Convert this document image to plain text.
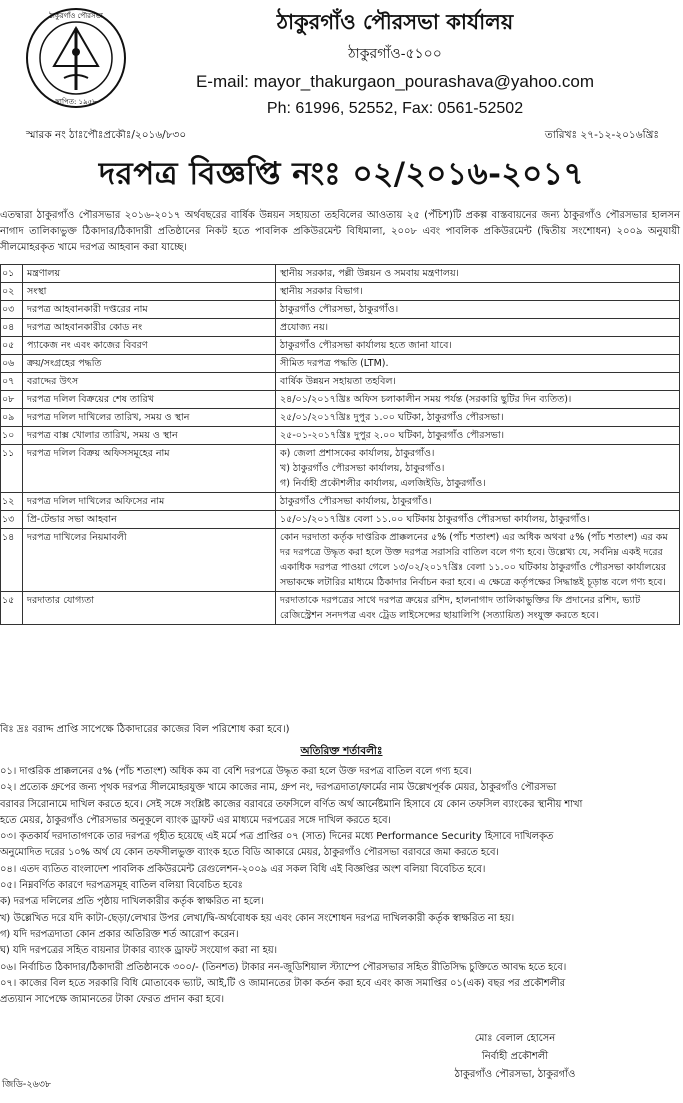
ঠাকুরগাঁও পৌরসভা
স্থাপিত: ১৯৫৮
ঠাকুরগাঁও পৌরসভা কার্যালয়
ঠাকুরগাঁও-৫১০০
E-mail: mayor_thakurgaon_pourashava@yahoo.com
Ph: 61996, 52552, Fax: 0561-52502
স্মারক নং ঠাঃপৌঃপ্রকৌঃ/২০১৬/৮৩০	তারিখঃ ২৭-১২-২০১৬খ্রিঃ
দরপত্র বিজ্ঞপ্তি নংঃ ০২/২০১৬-২০১৭
এতদ্বারা ঠাকুরগাঁও পৌরসভার ২০১৬-২০১৭ অর্থবছরের বার্ষিক উন্নয়ন সহায়তা তহবিলের আওতায় ২৫ (পঁচিশ)টি প্রকল্প বাস্তবায়নের জন্য ঠাকুরগাঁও পৌরসভার হালসন নাগাদ তালিকাভুক্ত ঠিকাদার/ঠিকাদারী প্রতিষ্ঠানের নিকট হতে পাবলিক প্রকিউরমেন্ট বিধিমালা, ২০০৮ এবং পাবলিক প্রকিউরমেন্ট (দ্বিতীয় সংশোধন) ২০০৯ অনুযায়ী সীলমোহরকৃত খামে দরপত্র আহবান করা যাচ্ছে।
০১	মন্ত্রণালয়	স্থানীয় সরকার, পল্লী উন্নয়ন ও সমবায় মন্ত্রণালয়।
০২	সংস্থা	স্থানীয় সরকার বিভাগ।
০৩	দরপত্র আহবানকারী দপ্তরের নাম	ঠাকুরগাঁও পৌরসভা, ঠাকুরগাঁও।
০৪	দরপত্র আহবানকারীর কোড নং	প্রযোজ্য নয়।
০৫	প্যাকেজ নং এবং কাজের বিবরণ	ঠাকুরগাঁও পৌরসভা কার্যালয় হতে জানা যাবে।
০৬	ক্রয়/সংগ্রহের পদ্ধতি	সীমিত দরপত্র পদ্ধতি (LTM).
০৭	বরাদ্দের উৎস	বার্ষিক উন্নয়ন সহায়তা তহবিল।
০৮	দরপত্র দলিল বিক্রয়ের শেষ তারিখ	২৪/০১/২০১৭খ্রিঃ অফিস চলাকালীন সময় পর্যন্ত (সরকারি ছুটির দিন ব্যতিত)।
০৯	দরপত্র দলিল দাখিলের তারিখ, সময় ও স্থান	২৫/০১/২০১৭খ্রিঃ দুপুর ১.০০ ঘটিকা, ঠাকুরগাঁও পৌরসভা।
১০	দরপত্র বাক্স খোলার তারিখ, সময় ও স্থান	২৫-০১-২০১৭খ্রিঃ দুপুর ২.০০ ঘটিকা, ঠাকুরগাঁও পৌরসভা।
১১	দরপত্র দলিল বিক্রয় অফিসসমূহের নাম	ক) জেলা প্রশাসকের কার্যালয়, ঠাকুরগাঁও।
খ) ঠাকুরগাঁও পৌরসভা কার্যালয়, ঠাকুরগাঁও।
গ) নির্বাহী প্রকৌশলীর কার্যালয়, এলজিইডি, ঠাকুরগাঁও।
১২	দরপত্র দলিল দাখিলের অফিসের নাম	ঠাকুরগাঁও পৌরসভা কার্যালয়, ঠাকুরগাঁও।
১৩	প্রি-টেন্ডার সভা আহবান	১৫/০১/২০১৭খ্রিঃ বেলা ১১.০০ ঘটিকায় ঠাকুরগাঁও পৌরসভা কার্যালয়, ঠাকুরগাঁও।
১৪	দরপত্র দাখিলের নিয়মাবলী	কোন দরদাতা কর্তৃক দাপ্তরিক প্রাক্কলনের ৫% (পাঁচ শতাংশ) এর অধিক অথবা ৫% (পাঁচ শতাংশ) এর কম দর দরপত্রে উদ্ধৃত করা হলে উক্ত দরপত্র সরাসরি বাতিল বলে গণ্য হবে। উল্লেখ্য যে, সর্বনিম্ন একই দরের একাধিক দরপত্র পাওয়া গেলে ১৩/০২/২০১৭খ্রিঃ বেলা ১১.০০ ঘটিকায় ঠাকুরগাঁও পৌরসভা কার্যালয়ের সভাকক্ষে লটারির মাধ্যমে ঠিকাদার নির্বাচন করা হবে। এ ক্ষেত্রে কর্তৃপক্ষের সিদ্ধান্তই চূড়ান্ত বলে গণ্য হবে।
১৫	দরদাতার যোগ্যতা	দরদাতাকে দরপত্রের সাথে দরপত্র ক্রয়ের রশিদ, হালনাগাদ তালিকাভুক্তির ফি প্রদানের রশিদ, ভ্যাট রেজিস্ট্রেশন সনদপত্র এবং ট্রেড লাইসেন্সের ছায়ালিপি (সত্যায়িত) সংযুক্ত করতে হবে।
বিঃ দ্রঃ বরাদ্দ প্রাপ্তি সাপেক্ষে ঠিকাদারের কাজের বিল পরিশোধ করা হবে।)
অতিরিক্ত শর্তাবলীঃ
০১। দাপ্তরিক প্রাক্কলনের ৫% (পাঁচ শতাংশ) অধিক কম বা বেশি দরপত্রে উদ্ধৃত করা হলে উক্ত দরপত্র বাতিল বলে গণ্য হবে।
০২। প্রত্যেক গ্রুপের জন্য পৃথক দরপত্র সীলমোহরযুক্ত খামে কাজের নাম, গ্রুপ নং, দরপত্রদাতা/ফার্মের নাম উল্লেখপূর্বক মেয়র, ঠাকুরগাঁও পৌরসভা
বরাবর সিরোনামে দাখিল করতে হবে। সেই সঙ্গে সংশ্লিষ্ট কাজের বরাবরে তফসিলে বর্ণিত অর্থ আর্নেষ্টমানি হিসাবে যে কোন তফসিল ব্যাংকের স্থানীয় শাখা
হতে মেয়র, ঠাকুরগাঁও পৌরসভার অনুকূলে ব্যাংক ড্রাফট এর মাধ্যমে দরপত্রের সঙ্গে দাখিল করতে হবে।
০৩। কৃতকার্য দরদাতাগণকে তার দরপত্র গৃহীত হয়েছে এই মর্মে পত্র প্রাপ্তির ০৭ (সাত) দিনের মধ্যে Performance Security হিসাবে দাখিলকৃত
অনুমোদিত দরের ১০% অর্থ যে কোন তফসীলভুক্ত ব্যাংক হতে বিডি আকারে মেয়র, ঠাকুরগাঁও পৌরসভা বরাবরে জমা করতে হবে।
০৪। এতদ ব্যতিত বাংলাদেশ পাবলিক প্রকিউরমেন্ট রেগুলেশন-২০০৯ এর সকল বিধি এই বিজ্ঞপ্তির অংশ বলিয়া বিবেচিত হবে।
০৫। নিম্নবর্ণিত কারণে দরপত্রসমূহ বাতিল বলিয়া বিবেচিত হবেঃ
ক) দরপত্র দলিলের প্রতি পৃষ্ঠায় দাখিলকারীর কর্তৃক স্বাক্ষরিত না হলে।
খ) উল্লেখিত দরে যদি কাটা-ছেড়া/লেখার উপর লেখা/দ্বি-অর্থবোধক হয় এবং কোন সংশোধন দরপত্র দাখিলকারী কর্তৃক স্বাক্ষরিত না হয়।
গ) যদি দরপত্রদাতা কোন প্রকার অতিরিক্ত শর্ত আরোপ করেন।
ঘ) যদি দরপত্রের সহিত বায়নার টাকার ব্যাংক ড্রাফট সংযোগ করা না হয়।
০৬। নির্বাচিত ঠিকাদার/ঠিকাদারী প্রতিষ্ঠানকে ৩০০/- (তিনশত) টাকার নন-জুডিশিয়াল স্ট্যাম্পে পৌরসভার সহিত রীতিসিদ্ধ চুক্তিতে আবদ্ধ হতে হবে।
০৭। কাজের বিল হতে সরকারি বিধি মোতাবেক ভ্যাট, আই,টি ও জামানতের টাকা কর্তন করা হবে এবং কাজ সমাপ্তির ০১(এক) বছর পর প্রকৌশলীর
প্রত্যয়ান সাপেক্ষে জামানতের টাকা ফেরত প্রদান করা হবে।
মোঃ বেলাল হোসেন
নির্বাহী প্রকৌশলী
ঠাকুরগাঁও পৌরসভা, ঠাকুরগাঁও
জিডি-২৬৩৮
